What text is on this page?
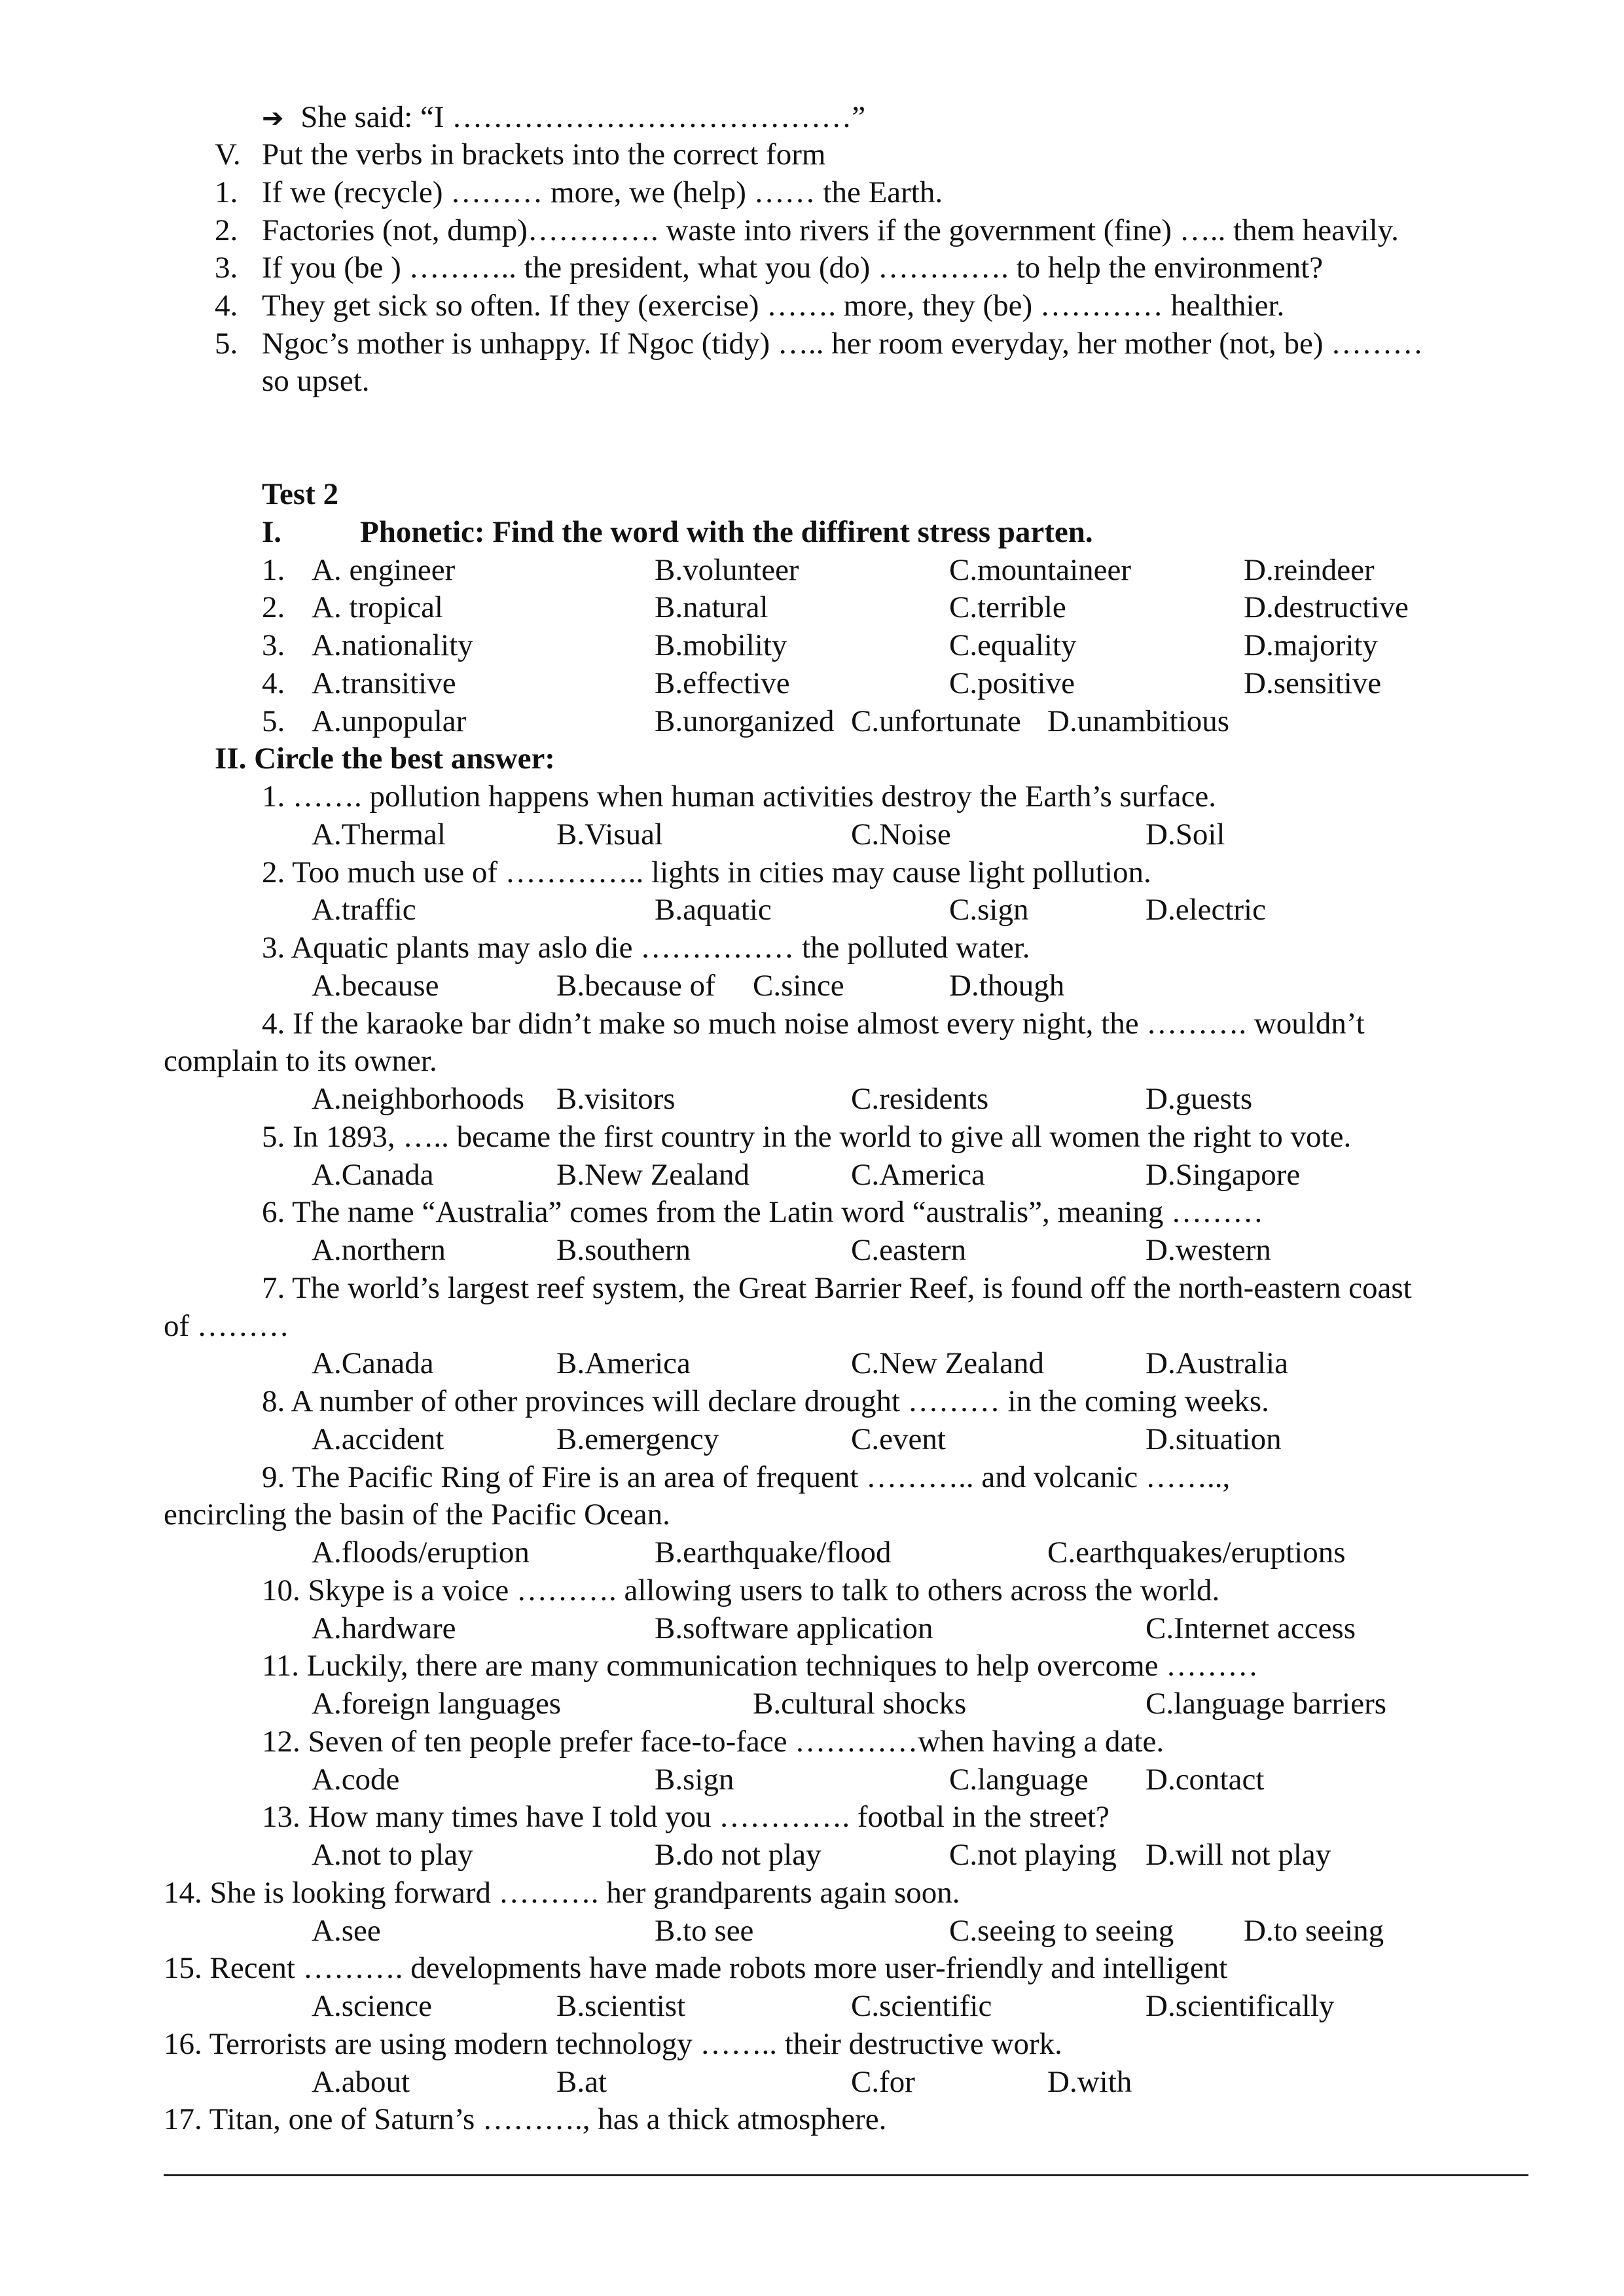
➔ She said: “I …………………………………”
V. Put the verbs in brackets into the correct form
1. If we (recycle) ……… more, we (help) …… the Earth.
2. Factories (not, dump)…………. waste into rivers if the government (fine) ….. them heavily.
3. If you (be ) ……….. the president, what you (do) …………. to help the environment?
4. They get sick so often. If they (exercise) ……. more, they (be) ………… healthier.
5. Ngoc’s mother is unhappy. If Ngoc (tidy) ….. her room everyday, her mother (not, be) ………
so upset.
Test 2
I.	Phonetic: Find the word with the diffirent stress parten.
1. A. engineer	B.volunteer	C.mountaineer	D.reindeer
2. A. tropical	B.natural	C.terrible	D.destructive
3. A.nationality	B.mobility	C.equality	D.majority
4. A.transitive	B.effective	C.positive	D.sensitive
5. A.unpopular	B.unorganized C.unfortunate D.unambitious
II. Circle the best answer:
1. ……. pollution happens when human activities destroy the Earth’s surface.
A.Thermal	B.Visual	C.Noise	D.Soil
2. Too much use of ………….. lights in cities may cause light pollution.
A.traffic	B.aquatic	C.sign	D.electric
3. Aquatic plants may aslo die …………… the polluted water.
A.because	B.because of C.since	D.though
4. If the karaoke bar didn’t make so much noise almost every night, the ………. wouldn’t
complain to its owner.
A.neighborhoods B.visitors	C.residents	D.guests
5. In 1893, ….. became the first country in the world to give all women the right to vote.
A.Canada	B.New Zealand	C.America	D.Singapore
6. The name “Australia” comes from the Latin word “australis”, meaning ………
A.northern	B.southern	C.eastern	D.western
7. The world’s largest reef system, the Great Barrier Reef, is found off the north-eastern coast
of ………
A.Canada	B.America	C.New Zealand	D.Australia
8. A number of other provinces will declare drought ……… in the coming weeks.
A.accident	B.emergency	C.event	D.situation
9. The Pacific Ring of Fire is an area of frequent ……….. and volcanic ……..,
encircling the basin of the Pacific Ocean.
A.floods/eruption	B.earthquake/flood	C.earthquakes/eruptions
10. Skype is a voice ………. allowing users to talk to others across the world.
A.hardware	B.software application	C.Internet access
11. Luckily, there are many communication techniques to help overcome ………
A.foreign languages	B.cultural shocks	C.language barriers
12. Seven of ten people prefer face-to-face …………when having a date.
A.code	B.sign	C.language D.contact
13. How many times have I told you …………. footbal in the street?
A.not to play	B.do not play	C.not playing D.will not play
14. She is looking forward ………. her grandparents again soon.
A.see	B.to see	C.seeing to seeing D.to seeing
15. Recent ………. developments have made robots more user-friendly and intelligent
A.science	B.scientist	C.scientific	D.scientifically
16. Terrorists are using modern technology …….. their destructive work.
A.about	B.at	C.for	D.with
17. Titan, one of Saturn’s ………., has a thick atmosphere.
